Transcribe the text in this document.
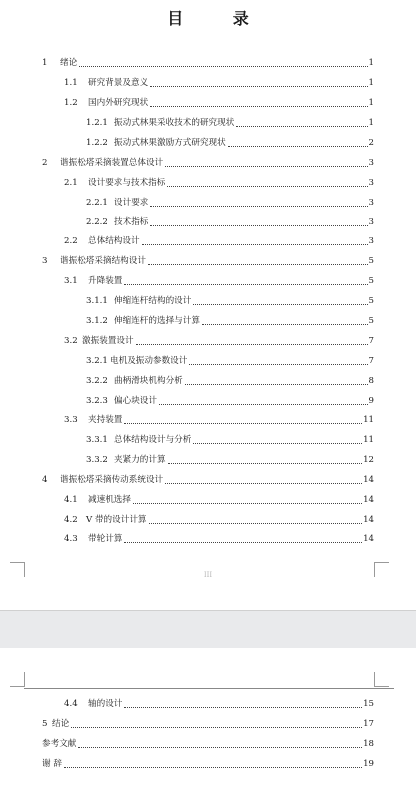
目 录
1	绪论	1
1.1	研究背景及意义	1
1.2	国内外研究现状	1
1.2.1 振动式林果采收技术的研究现状	1
1.2.2 振动式林果激励方式研究现状	2
2	谐振松塔采摘装置总体设计	3
2.1	设计要求与技术指标	3
2.2.1 设计要求	3
2.2.2 技术指标	3
2.2	总体结构设计	3
3	谐振松塔采摘结构设计	5
3.1	升降装置	5
3.1.1 伸缩连杆结构的设计	5
3.1.2 伸缩连杆的选择与计算	5
3.2 激振装置设计	7
3.2.1 电机及振动参数设计	7
3.2.2 曲柄滑块机构分析	8
3.2.3 偏心块设计	9
3.3	夹持装置	11
3.3.1 总体结构设计与分析	11
3.3.2 夹紧力的计算	12
4	谐振松塔采摘传动系统设计	14
4.1	减速机选择	14
4.2 V 带的设计计算	14
4.3	带轮计算	14
III
4.4	轴的设计	15
5 结论	17
参考文献	18
谢 辞	19
